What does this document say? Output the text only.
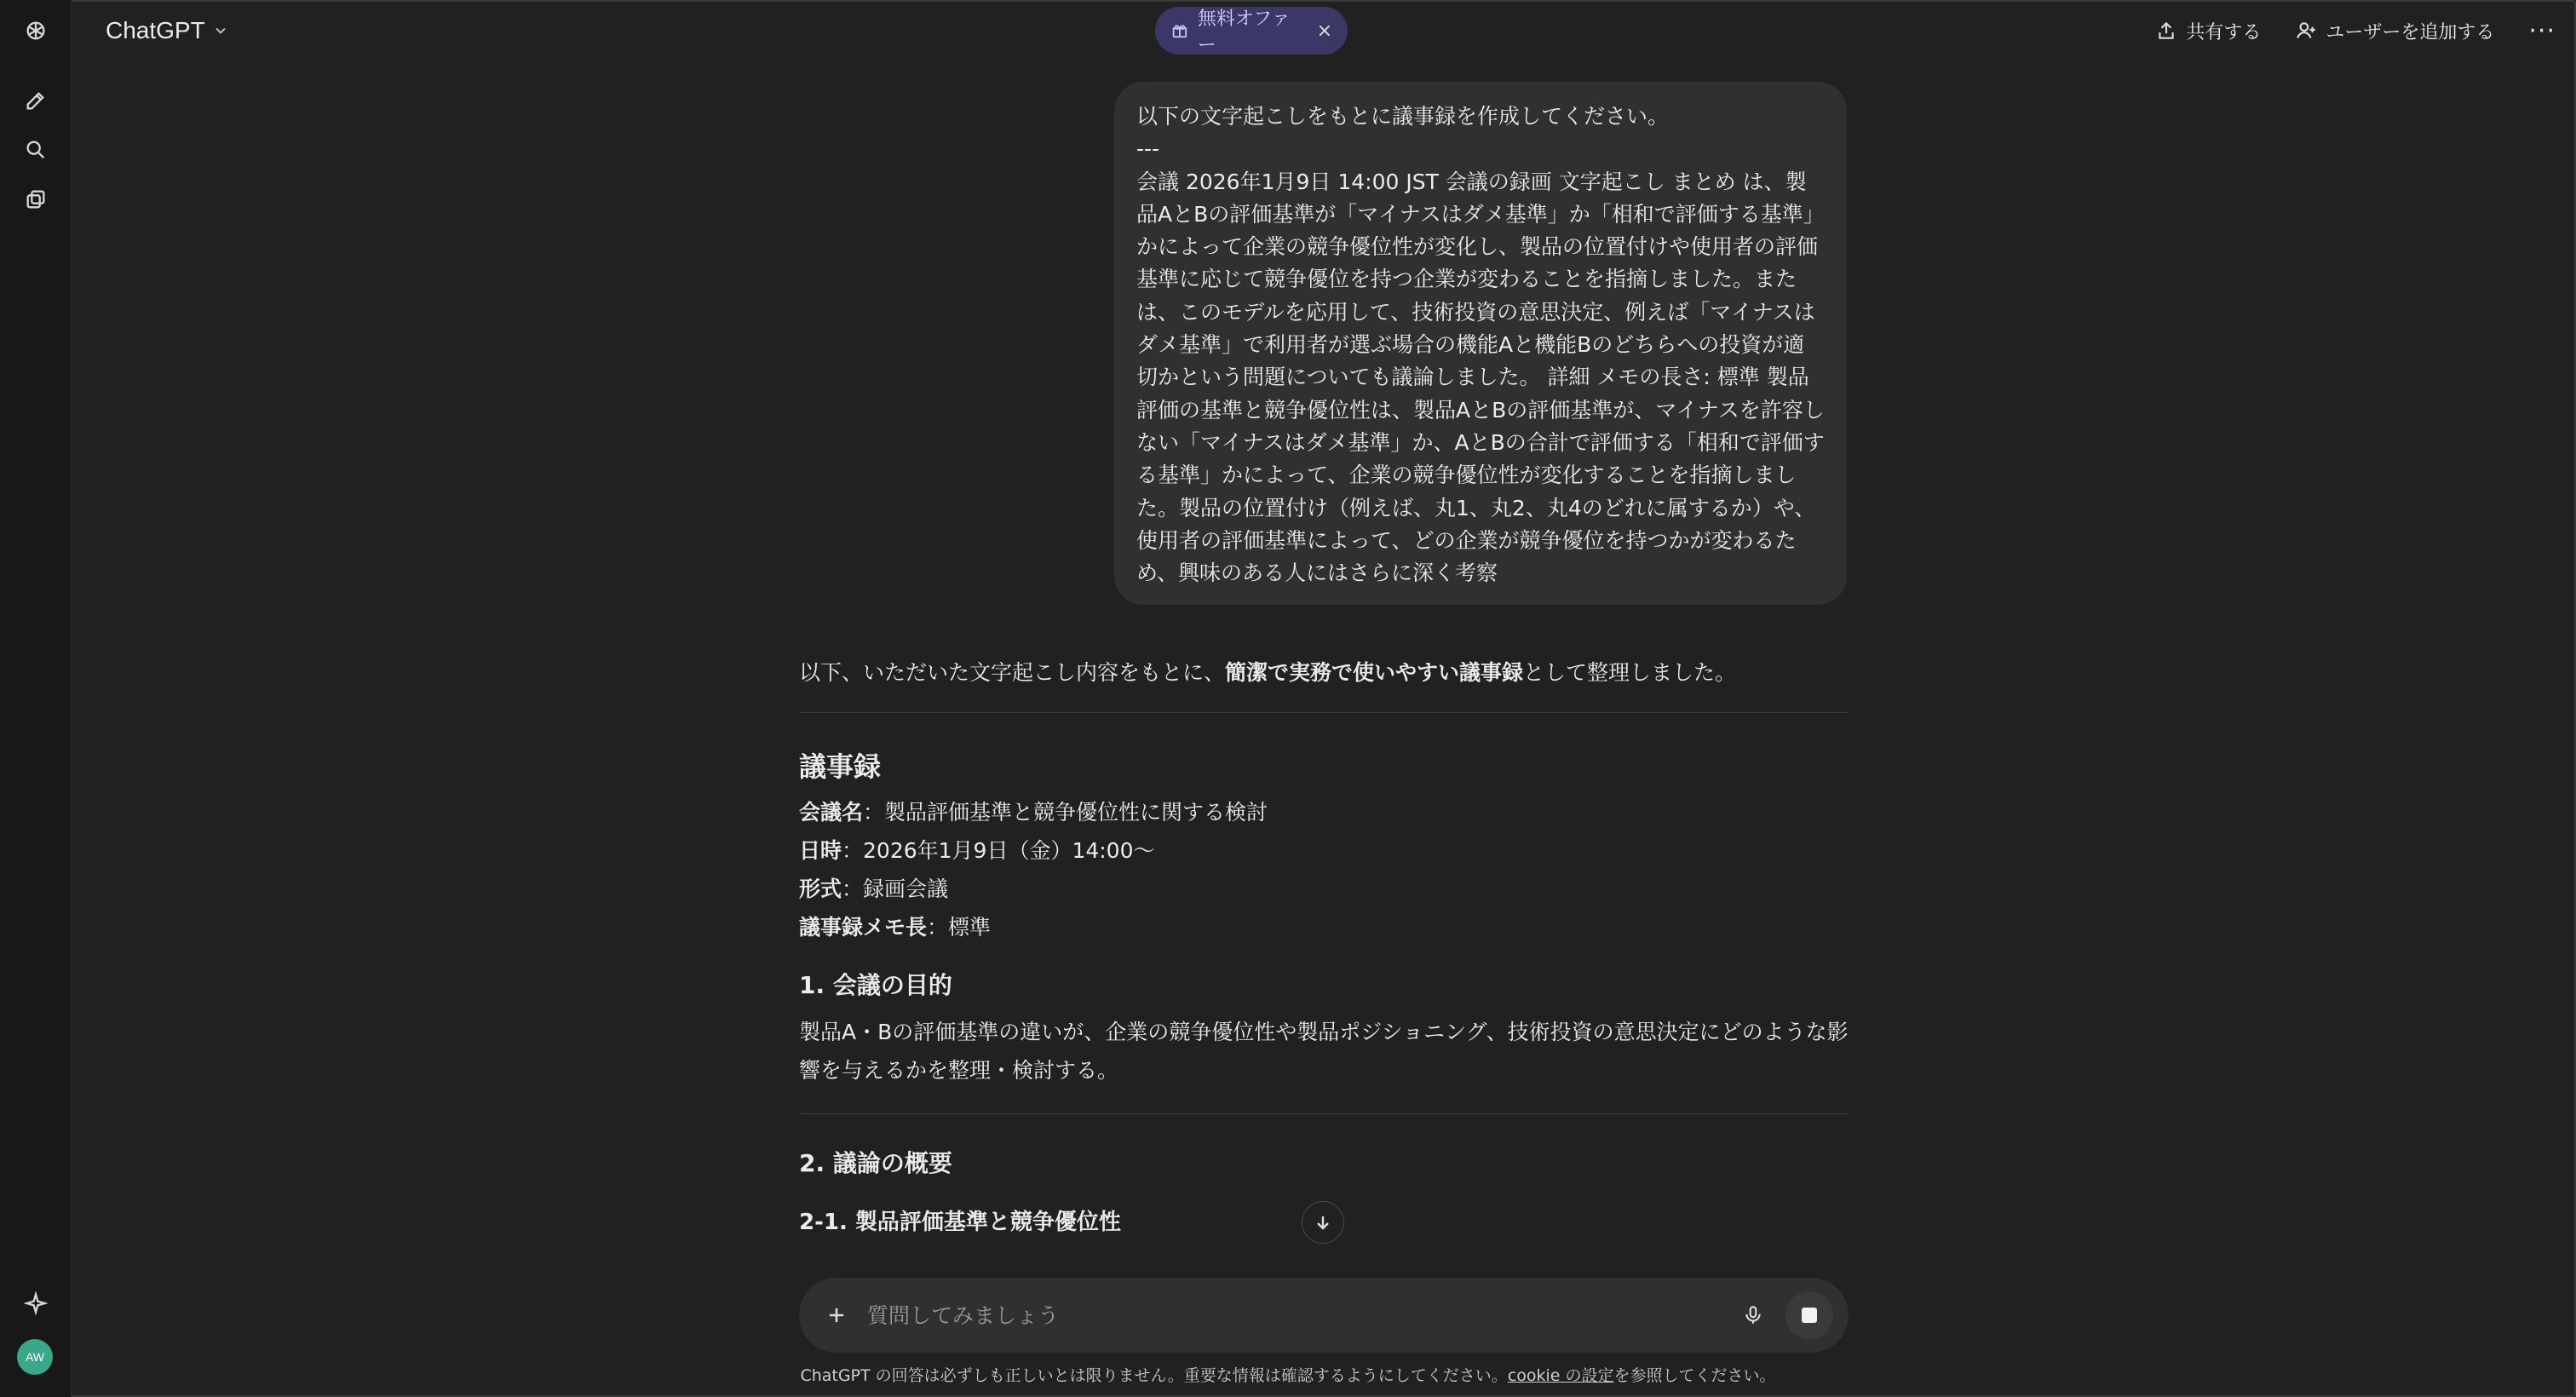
AW
ChatGPT	無料オファー
×	共有する	ユーザーを追加する ···

以下の文字起こしをもとに議事録を作成してください。

---

会議 2026年1月9日 14:00 JST 会議の録画 文字起こし まとめ は、製品AとBの評価基準が「マイナスはダメ基準」か「相和で評価する基準」かによって企業の競争優位性が変化し、製品の位置付けや使用者の評価基準に応じて競争優位を持つ企業が変わることを指摘しました。また は、このモデルを応用して、技術投資の意思決定、例えば「マイナスはダメ基準」で利用者が選ぶ場合の機能Aと機能Bのどちらへの投資が適切かという問題についても議論しました。 詳細 メモの長さ: 標準 製品評価の基準と競争優位性は、製品AとBの評価基準が、マイナスを許容しない「マイナスはダメ基準」か、AとBの合計で評価する「相和で評価する基準」かによって、企業の競争優位性が変化することを指摘しました。製品の位置付け（例えば、丸1、丸2、丸4のどれに属するか）や、使用者の評価基準によって、どの企業が競争優位を持つかが変わるため、興味のある人にはさらに深く考察

以下、いただいた文字起こし内容をもとに、簡潔で実務で使いやすい議事録として整理しました。

議事録
会議名：製品評価基準と競争優位性に関する検討
日時：2026年1月9日（金）14:00〜
形式：録画会議
議事録メモ長：標準
1. 会議の目的

製品A・Bの評価基準の違いが、企業の競争優位性や製品ポジショニング、技術投資の意思決定にどのような影響を与えるかを整理・検討する。

2. 議論の概要
2-1. 製品評価基準と競争優位性
質問してみましょう
ChatGPT の回答は必ずしも正しいとは限りません。重要な情報は確認するようにしてください。cookie の設定を参照してください。
